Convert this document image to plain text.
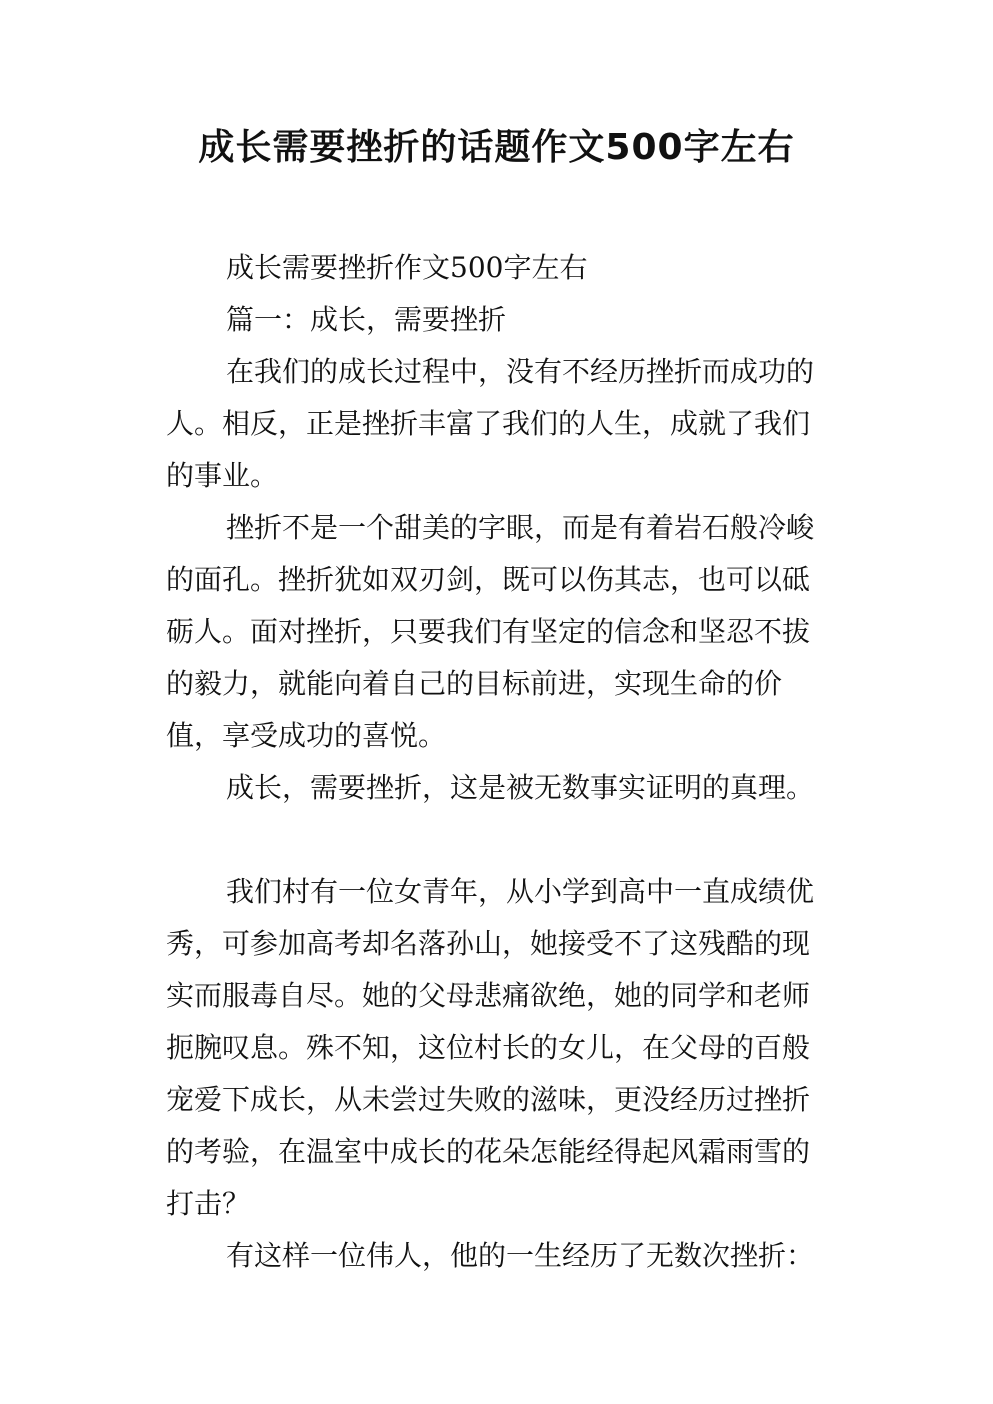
成长需要挫折的话题作文500字左右

成长需要挫折作文500字左右

篇一：成长，需要挫折

在我们的成长过程中，没有不经历挫折而成功的人。相反，正是挫折丰富了我们的人生，成就了我们的事业。

挫折不是一个甜美的字眼，而是有着岩石般冷峻的面孔。挫折犹如双刃剑，既可以伤其志，也可以砥砺人。面对挫折，只要我们有坚定的信念和坚忍不拔的毅力，就能向着自己的目标前进，实现生命的价值，享受成功的喜悦。

成长，需要挫折，这是被无数事实证明的真理。

我们村有一位女青年，从小学到高中一直成绩优秀，可参加高考却名落孙山，她接受不了这残酷的现实而服毒自尽。她的父母悲痛欲绝，她的同学和老师扼腕叹息。殊不知，这位村长的女儿，在父母的百般宠爱下成长，从未尝过失败的滋味，更没经历过挫折的考验，在温室中成长的花朵怎能经得起风霜雨雪的打击？

有这样一位伟人，他的一生经历了无数次挫折：
